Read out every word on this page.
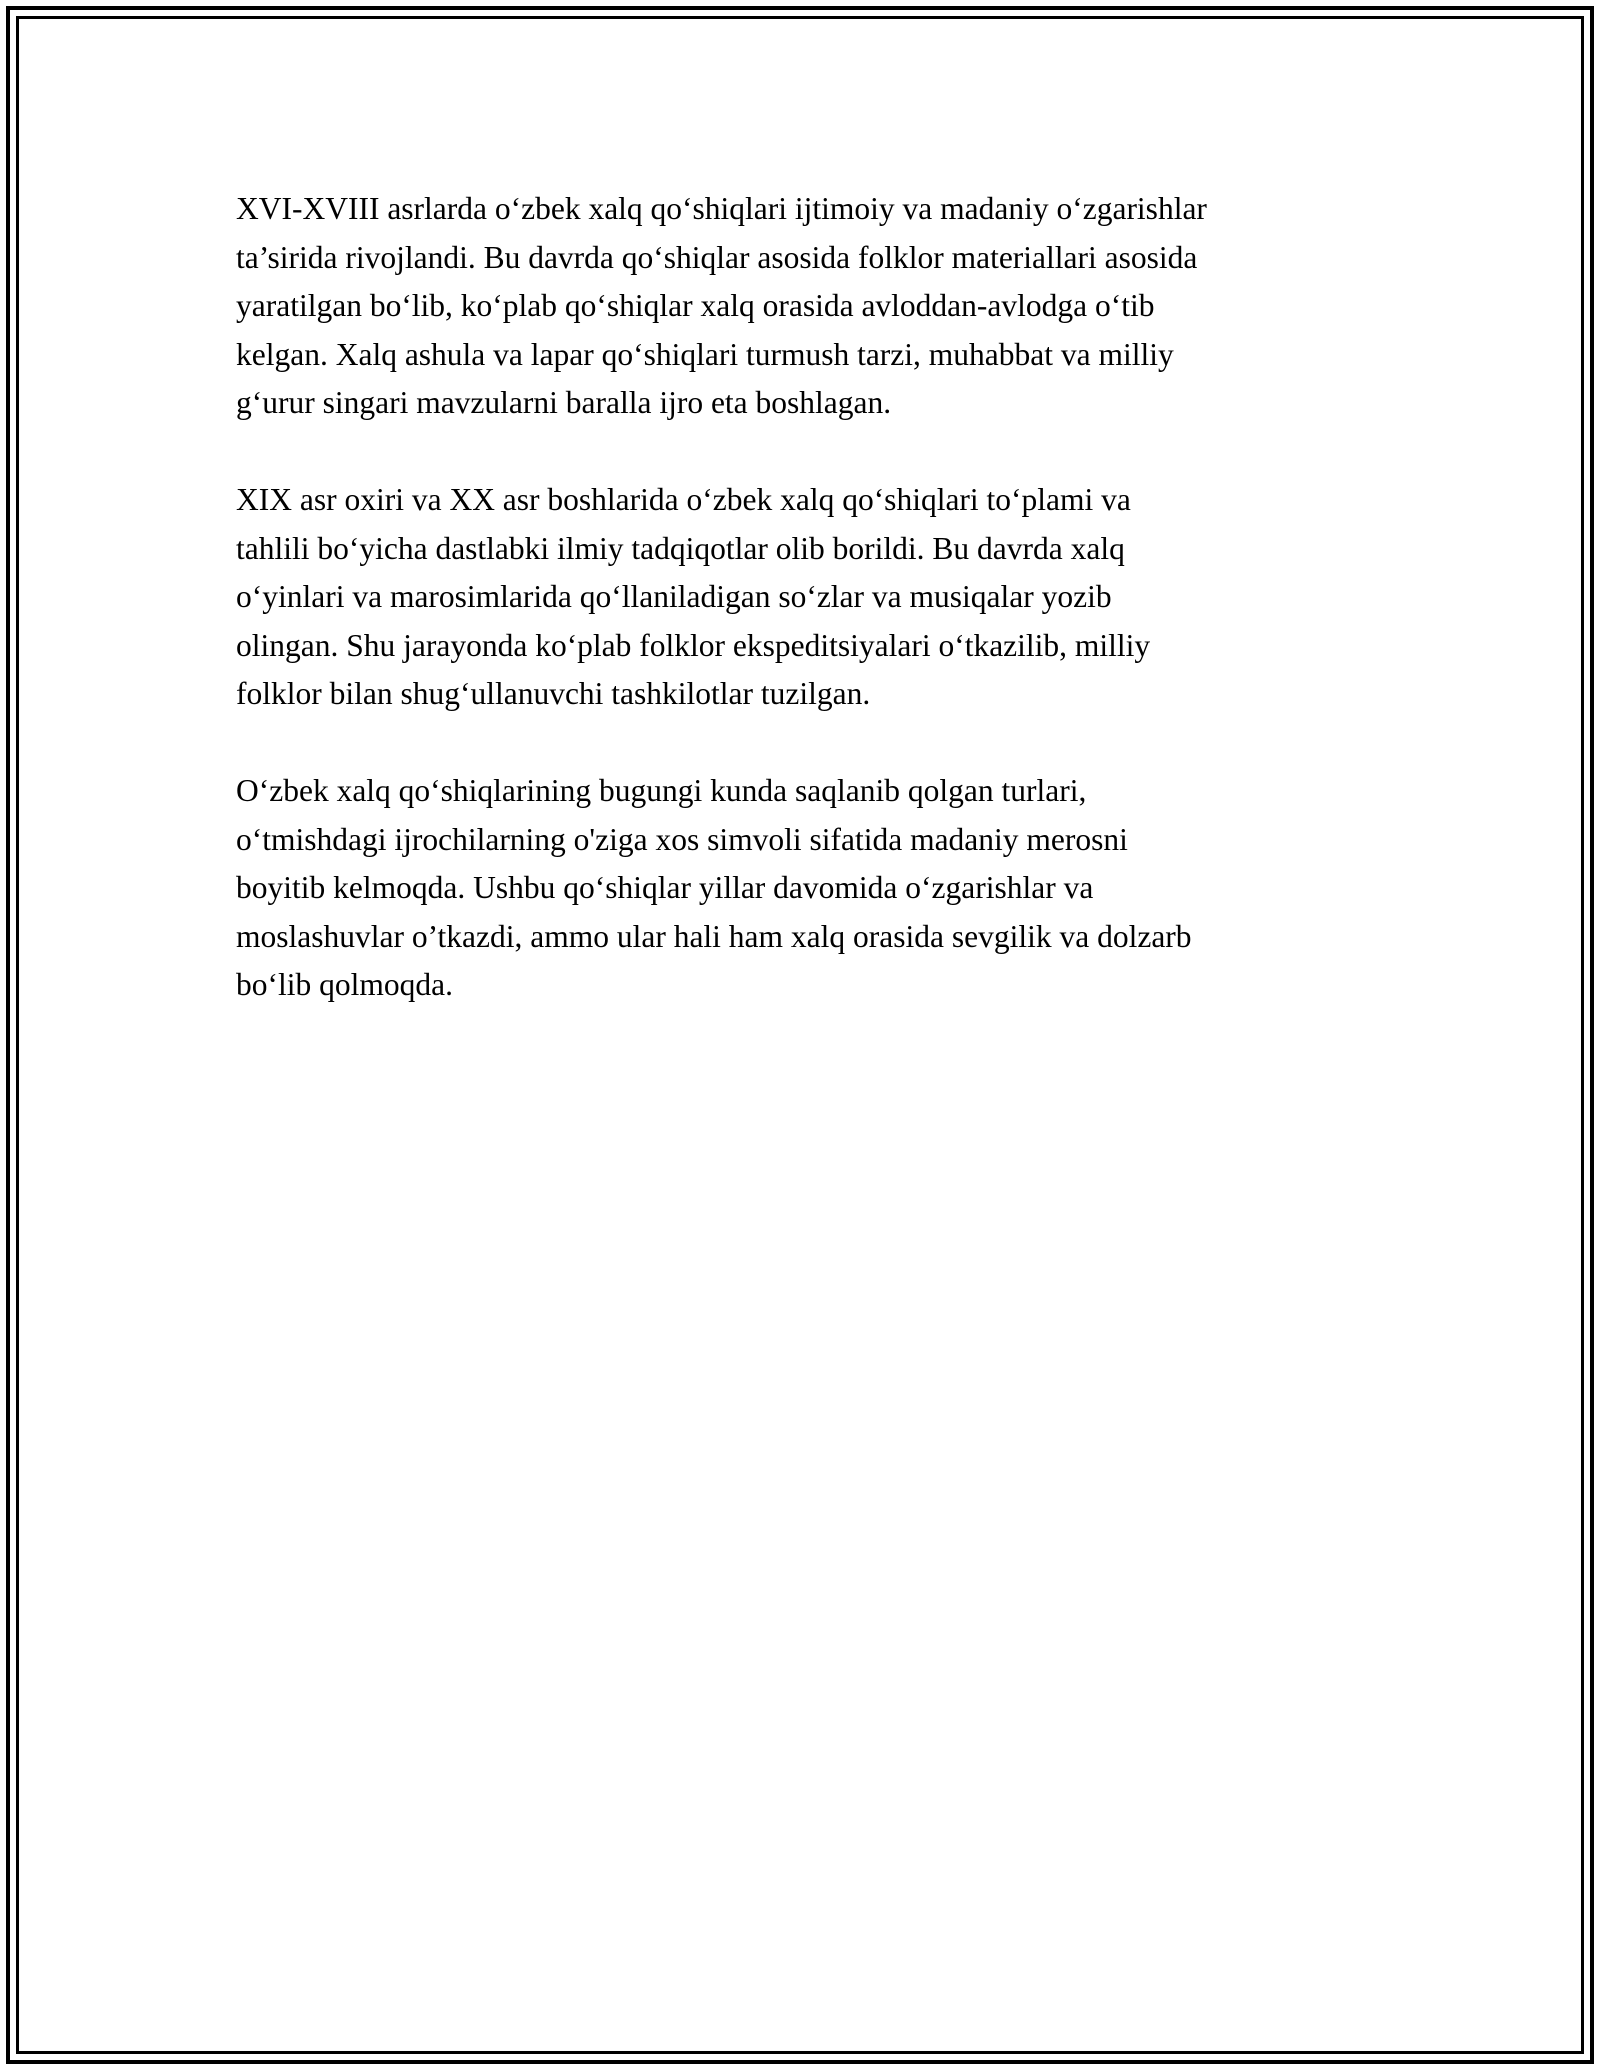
XVI-XVIII asrlarda o‘zbek xalq qo‘shiqlari ijtimoiy va madaniy o‘zgarishlar
ta’sirida rivojlandi. Bu davrda qo‘shiqlar asosida folklor materiallari asosida
yaratilgan bo‘lib, ko‘plab qo‘shiqlar xalq orasida avloddan-avlodga o‘tib
kelgan. Xalq ashula va lapar qo‘shiqlari turmush tarzi, muhabbat va milliy
g‘urur singari mavzularni baralla ijro eta boshlagan.

XIX asr oxiri va XX asr boshlarida o‘zbek xalq qo‘shiqlari to‘plami va
tahlili bo‘yicha dastlabki ilmiy tadqiqotlar olib borildi. Bu davrda xalq
o‘yinlari va marosimlarida qo‘llaniladigan so‘zlar va musiqalar yozib
olingan. Shu jarayonda ko‘plab folklor ekspeditsiyalari o‘tkazilib, milliy
folklor bilan shug‘ullanuvchi tashkilotlar tuzilgan.

O‘zbek xalq qo‘shiqlarining bugungi kunda saqlanib qolgan turlari,
o‘tmishdagi ijrochilarning o'ziga xos simvoli sifatida madaniy merosni
boyitib kelmoqda. Ushbu qo‘shiqlar yillar davomida o‘zgarishlar va
moslashuvlar o’tkazdi, ammo ular hali ham xalq orasida sevgilik va dolzarb
bo‘lib qolmoqda.
